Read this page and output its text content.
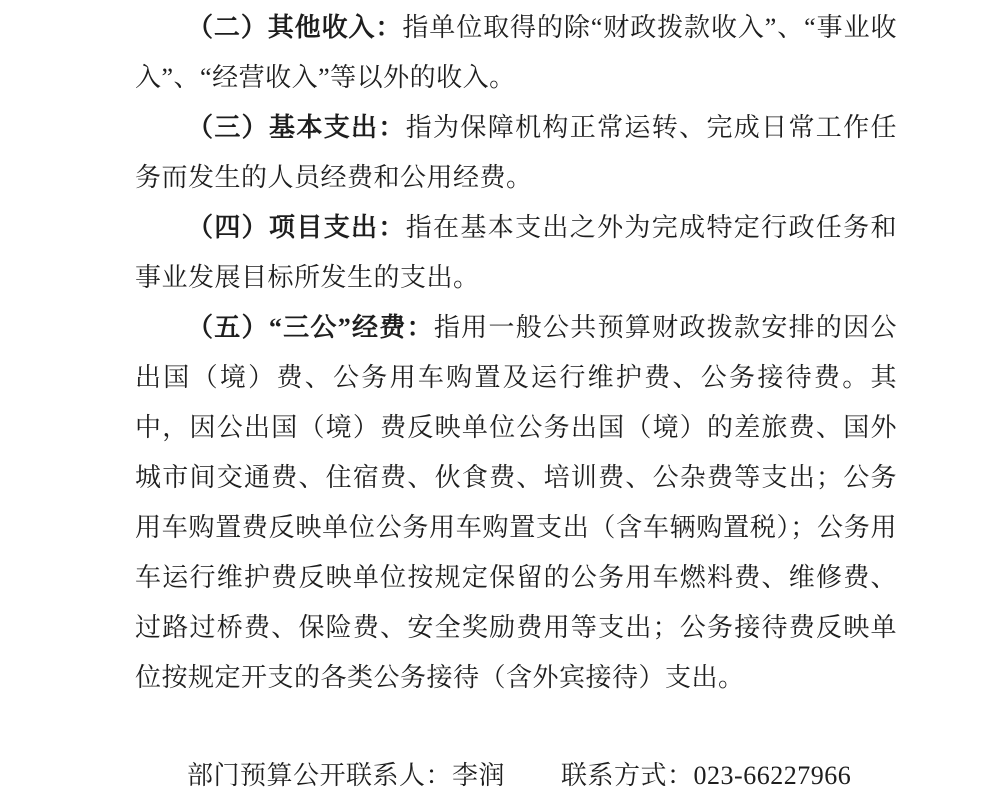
（二）其他收入：指单位取得的除“财政拨款收入”、“事业收入”、“经营收入”等以外的收入。

（三）基本支出：指为保障机构正常运转、完成日常工作任务而发生的人员经费和公用经费。

（四）项目支出：指在基本支出之外为完成特定行政任务和事业发展目标所发生的支出。

（五）“三公”经费：指用一般公共预算财政拨款安排的因公出国（境）费、公务用车购置及运行维护费、公务接待费。其中，因公出国（境）费反映单位公务出国（境）的差旅费、国外城市间交通费、住宿费、伙食费、培训费、公杂费等支出；公务用车购置费反映单位公务用车购置支出（含车辆购置税）；公务用车运行维护费反映单位按规定保留的公务用车燃料费、维修费、过路过桥费、保险费、安全奖励费用等支出；公务接待费反映单位按规定开支的各类公务接待（含外宾接待）支出。

部门预算公开联系人：李润 联系方式：023-66227966
